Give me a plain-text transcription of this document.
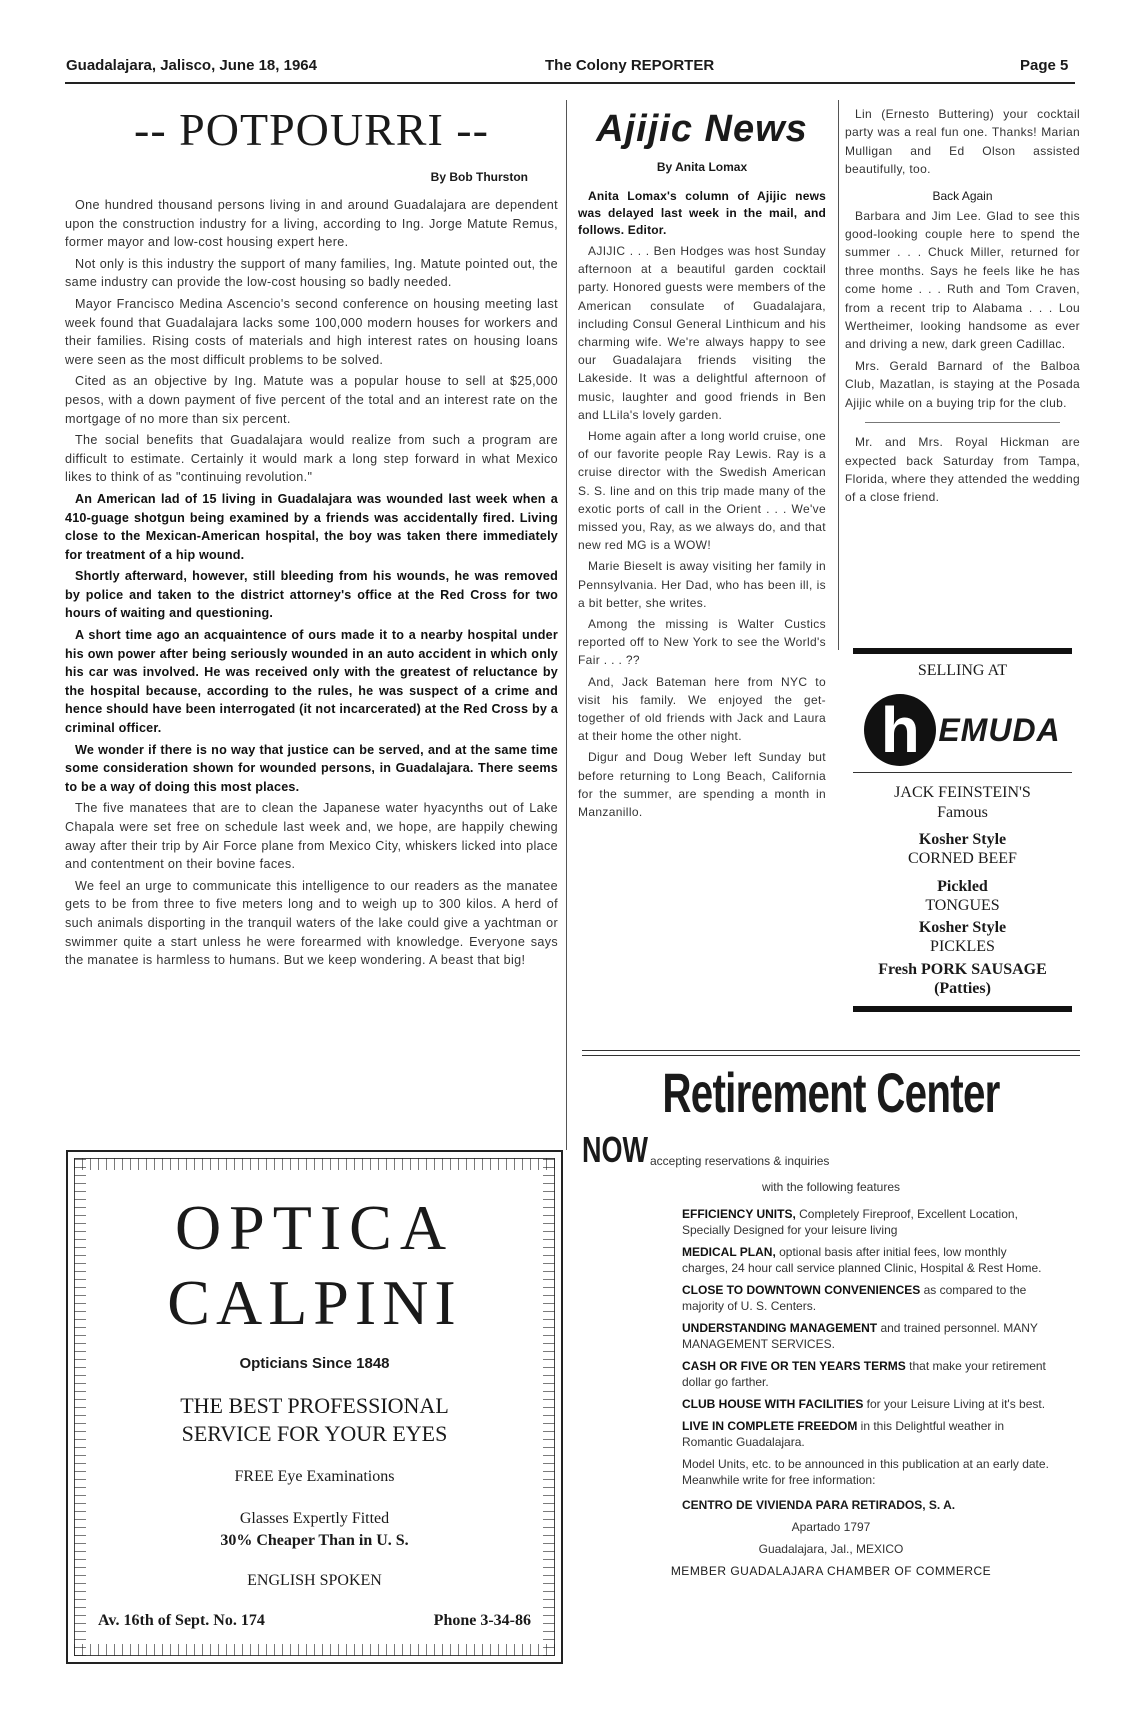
Guadalajara, Jalisco, June 18, 1964	The Colony REPORTER	Page 5
-- POTPOURRI --
By Bob Thurston

One hundred thousand persons living in and around Guadalajara are dependent upon the construction industry for a living, according to Ing. Jorge Matute Remus, former mayor and low-cost housing expert here.

Not only is this industry the support of many families, Ing. Matute pointed out, the same industry can provide the low-cost housing so badly needed.

Mayor Francisco Medina Ascencio's second conference on housing meeting last week found that Guadalajara lacks some 100,000 modern houses for workers and their families. Rising costs of materials and high interest rates on housing loans were seen as the most difficult problems to be solved.

Cited as an objective by Ing. Matute was a popular house to sell at $25,000 pesos, with a down payment of five percent of the total and an interest rate on the mortgage of no more than six percent.

The social benefits that Guadalajara would realize from such a program are difficult to estimate. Certainly it would mark a long step forward in what Mexico likes to think of as "continuing revolution."

An American lad of 15 living in Guadalajara was wounded last week when a 410-guage shotgun being examined by a friends was accidentally fired. Living close to the Mexican-American hospital, the boy was taken there immediately for treatment of a hip wound.

Shortly afterward, however, still bleeding from his wounds, he was removed by police and taken to the district attorney's office at the Red Cross for two hours of waiting and questioning.

A short time ago an acquaintence of ours made it to a nearby hospital under his own power after being seriously wounded in an auto accident in which only his car was involved. He was received only with the greatest of reluctance by the hospital because, according to the rules, he was suspect of a crime and hence should have been interrogated (it not incarcerated) at the Red Cross by a criminal officer.

We wonder if there is no way that justice can be served, and at the same time some consideration shown for wounded persons, in Guadalajara. There seems to be a way of doing this most places.

The five manatees that are to clean the Japanese water hyacynths out of Lake Chapala were set free on schedule last week and, we hope, are happily chewing away after their trip by Air Force plane from Mexico City, whiskers licked into place and contentment on their bovine faces.

We feel an urge to communicate this intelligence to our readers as the manatee gets to be from three to five meters long and to weigh up to 300 kilos. A herd of such animals disporting in the tranquil waters of the lake could give a yachtman or swimmer quite a start unless he were forearmed with knowledge. Everyone says the manatee is harmless to humans. But we keep wondering. A beast that big!

Ajijic News
By Anita Lomax

Anita Lomax's column of Ajijic news was delayed last week in the mail, and follows. Editor.

AJIJIC . . . Ben Hodges was host Sunday afternoon at a beautiful garden cocktail party. Honored guests were members of the American consulate of Guadalajara, including Consul General Linthicum and his charming wife. We're always happy to see our Guadalajara friends visiting the Lakeside. It was a delightful afternoon of music, laughter and good friends in Ben and LLila's lovely garden.

Home again after a long world cruise, one of our favorite people Ray Lewis. Ray is a cruise director with the Swedish American S. S. line and on this trip made many of the exotic ports of call in the Orient . . . We've missed you, Ray, as we always do, and that new red MG is a WOW!

Marie Bieselt is away visiting her family in Pennsylvania. Her Dad, who has been ill, is a bit better, she writes.

Among the missing is Walter Custics reported off to New York to see the World's Fair . . . ??

And, Jack Bateman here from NYC to visit his family. We enjoyed the get- together of old friends with Jack and Laura at their home the other night.

Digur and Doug Weber left Sunday but before returning to Long Beach, California for the summer, are spending a month in Manzanillo.

Lin (Ernesto Buttering) your cocktail party was a real fun one. Thanks! Marian Mulligan and Ed Olson assisted beautifully, too.

Back Again

Barbara and Jim Lee. Glad to see this good-looking couple here to spend the summer . . . Chuck Miller, returned for three months. Says he feels like he has come home . . . Ruth and Tom Craven, from a recent trip to Alabama . . . Lou Wertheimer, looking handsome as ever and driving a new, dark green Cadillac.

Mrs. Gerald Barnard of the Balboa Club, Mazatlan, is staying at the Posada Ajijic while on a buying trip for the club.

Mr. and Mrs. Royal Hickman are expected back Saturday from Tampa, Florida, where they attended the wedding of a close friend.

SELLING AT
h EMUDA
JACK FEINSTEIN'S
Famous
Kosher Style
CORNED BEEF
Pickled
TONGUES
Kosher Style
PICKLES
Fresh PORK SAUSAGE
(Patties)
Retirement Center
NOW accepting reservations & inquiries
with the following features

EFFICIENCY UNITS, Completely Fireproof, Excellent Location, Specially Designed for your leisure living

MEDICAL PLAN, optional basis after initial fees, low monthly charges, 24 hour call service planned Clinic, Hospital & Rest Home.

CLOSE TO DOWNTOWN CONVENIENCES as compared to the majority of U. S. Centers.

UNDERSTANDING MANAGEMENT and trained personnel. MANY MANAGEMENT SERVICES.

CASH OR FIVE OR TEN YEARS TERMS that make your retirement dollar go farther.

CLUB HOUSE WITH FACILITIES for your Leisure Living at it's best.

LIVE IN COMPLETE FREEDOM in this Delightful weather in Romantic Guadalajara.

Model Units, etc. to be announced in this publication at an early date. Meanwhile write for free information:

CENTRO DE VIVIENDA PARA RETIRADOS, S. A.
Apartado 1797
Guadalajara, Jal., MEXICO
MEMBER GUADALAJARA CHAMBER OF COMMERCE
OPTICA
CALPINI
Opticians Since 1848
THE BEST PROFESSIONAL
SERVICE FOR YOUR EYES
FREE Eye Examinations
Glasses Expertly Fitted
30% Cheaper Than in U. S.
ENGLISH SPOKEN
Av. 16th of Sept. No. 174	Phone 3-34-86
